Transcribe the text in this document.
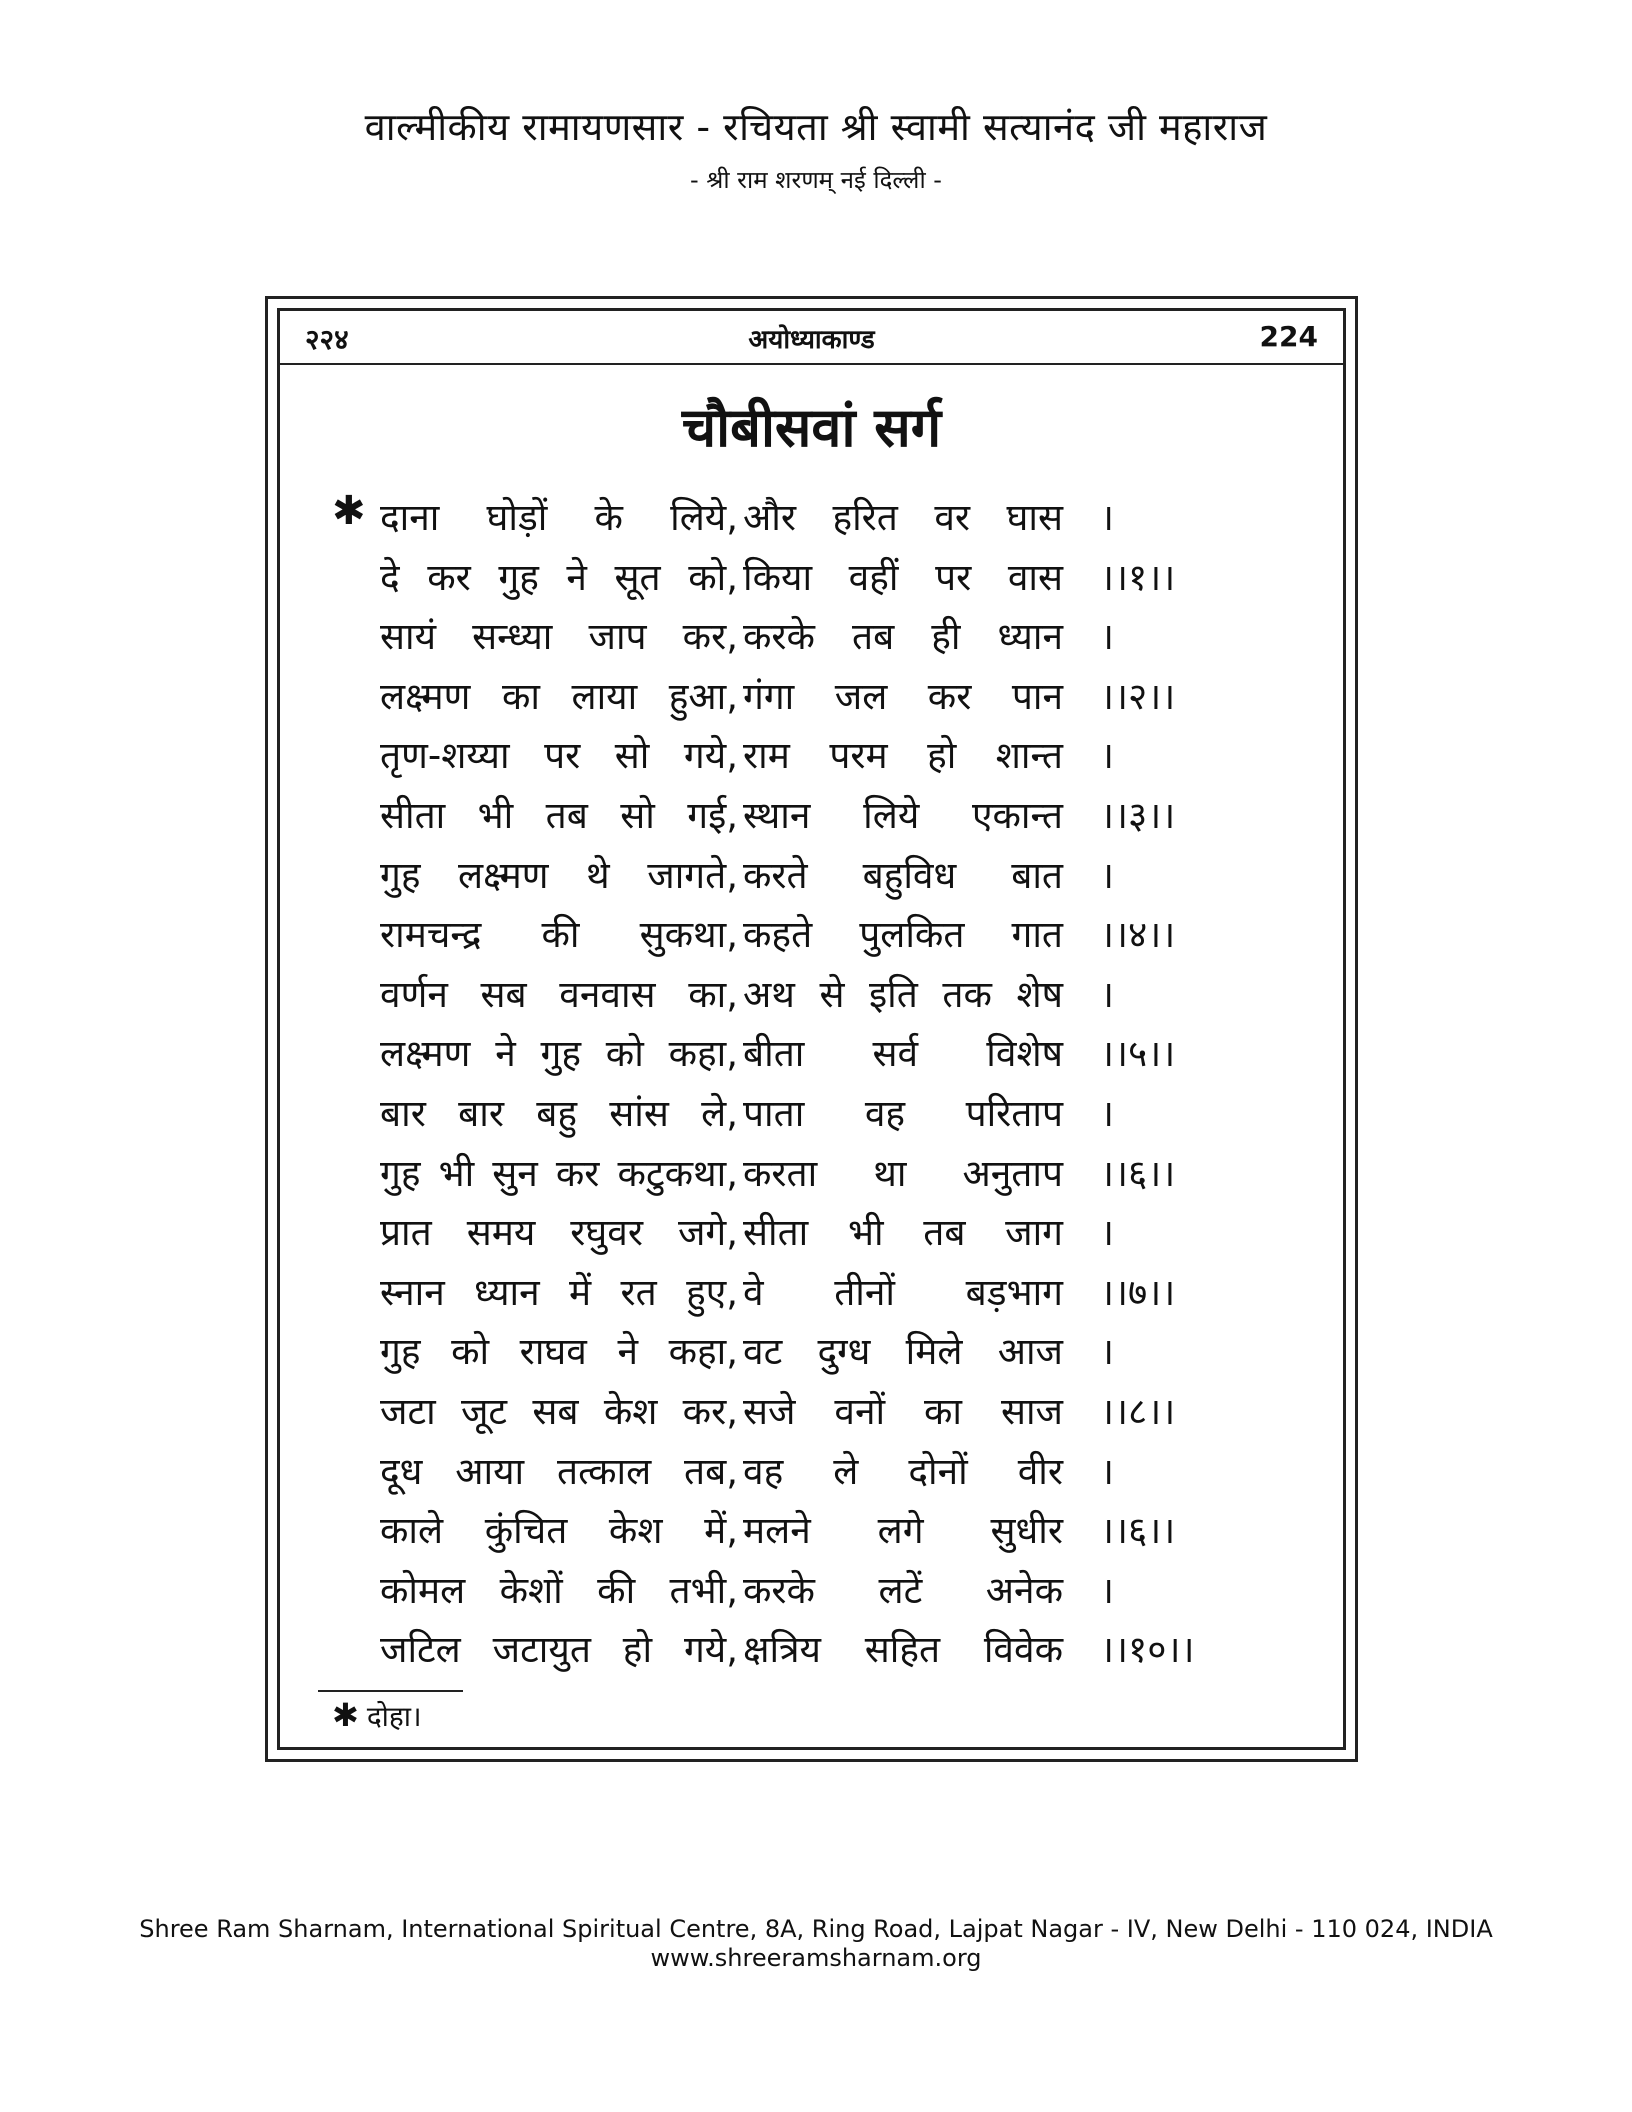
वाल्मीकीय रामायणसार - रचियता श्री स्वामी सत्यानंद जी महाराज
- श्री राम शरणम् नई दिल्ली -
२२४	अयोध्याकाण्ड	224
चौबीसवां सर्ग
✱ दाना घोड़ों के लिये, और हरित वर घास ।
दे कर गुह ने सूत को, किया वहीं पर वास ।।१।।
सायं सन्ध्या जाप कर, करके तब ही ध्यान ।
लक्ष्मण का लाया हुआ, गंगा जल कर पान ।।२।।
तृण-शय्या पर सो गये, राम परम हो शान्त ।
सीता भी तब सो गई, स्थान लिये एकान्त ।।३।।
गुह लक्ष्मण थे जागते, करते बहुविध बात ।
रामचन्द्र की सुकथा, कहते पुलकित गात ।।४।।
वर्णन सब वनवास का, अथ से इति तक शेष ।
लक्ष्मण ने गुह को कहा, बीता सर्व विशेष ।।५।।
बार बार बहु सांस ले, पाता वह परिताप ।
गुह भी सुन कर कटुकथा, करता था अनुताप ।।६।।
प्रात समय रघुवर जगे, सीता भी तब जाग ।
स्नान ध्यान में रत हुए, वे तीनों बड़भाग ।।७।।
गुह को राघव ने कहा, वट दुग्ध मिले आज ।
जटा जूट सब केश कर, सजे वनों का साज ।।८।।
दूध आया तत्काल तब, वह ले दोनों वीर ।
काले कुंचित केश में, मलने लगे सुधीर ।।६।।
कोमल केशों की तभी, करके लटें अनेक ।
जटिल जटायुत हो गये, क्षत्रिय सहित विवेक ।।१०।।
✱ दोहा।
Shree Ram Sharnam, International Spiritual Centre, 8A, Ring Road, Lajpat Nagar - IV, New Delhi - 110 024, INDIA
www.shreeramsharnam.org
